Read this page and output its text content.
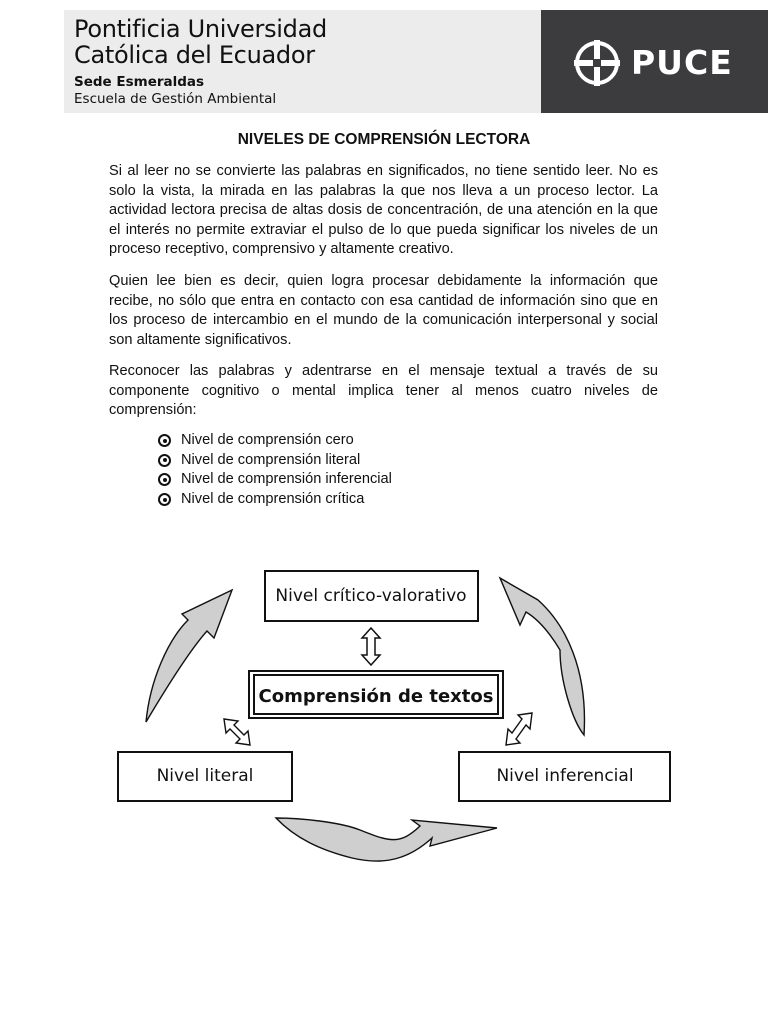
Pontificia Universidad
Católica del Ecuador
Sede Esmeraldas
Escuela de Gestión Ambiental
PUCE
NIVELES DE COMPRENSIÓN LECTORA

Si al leer no se convierte las palabras en significados, no tiene sentido leer. No es solo la vista, la mirada en las palabras la que nos lleva a un proceso lector. La actividad lectora precisa de altas dosis de concentración, de una atención en la que el interés no permite extraviar el pulso de lo que pueda significar los niveles de un proceso receptivo, comprensivo y altamente creativo.

Quien lee bien es decir, quien logra procesar debidamente la información que recibe, no sólo que entra en contacto con esa cantidad de información sino que en los proceso de intercambio en el mundo de la comunicación interpersonal y social son altamente significativos.

Reconocer las palabras y adentrarse en el mensaje textual a través de su componente cognitivo o mental implica tener al menos cuatro niveles de comprensión:

Nivel de comprensión cero
Nivel de comprensión literal
Nivel de comprensión inferencial
Nivel de comprensión crítica
Nivel crítico-valorativo
Comprensión de textos
Nivel literal	Nivel inferencial
